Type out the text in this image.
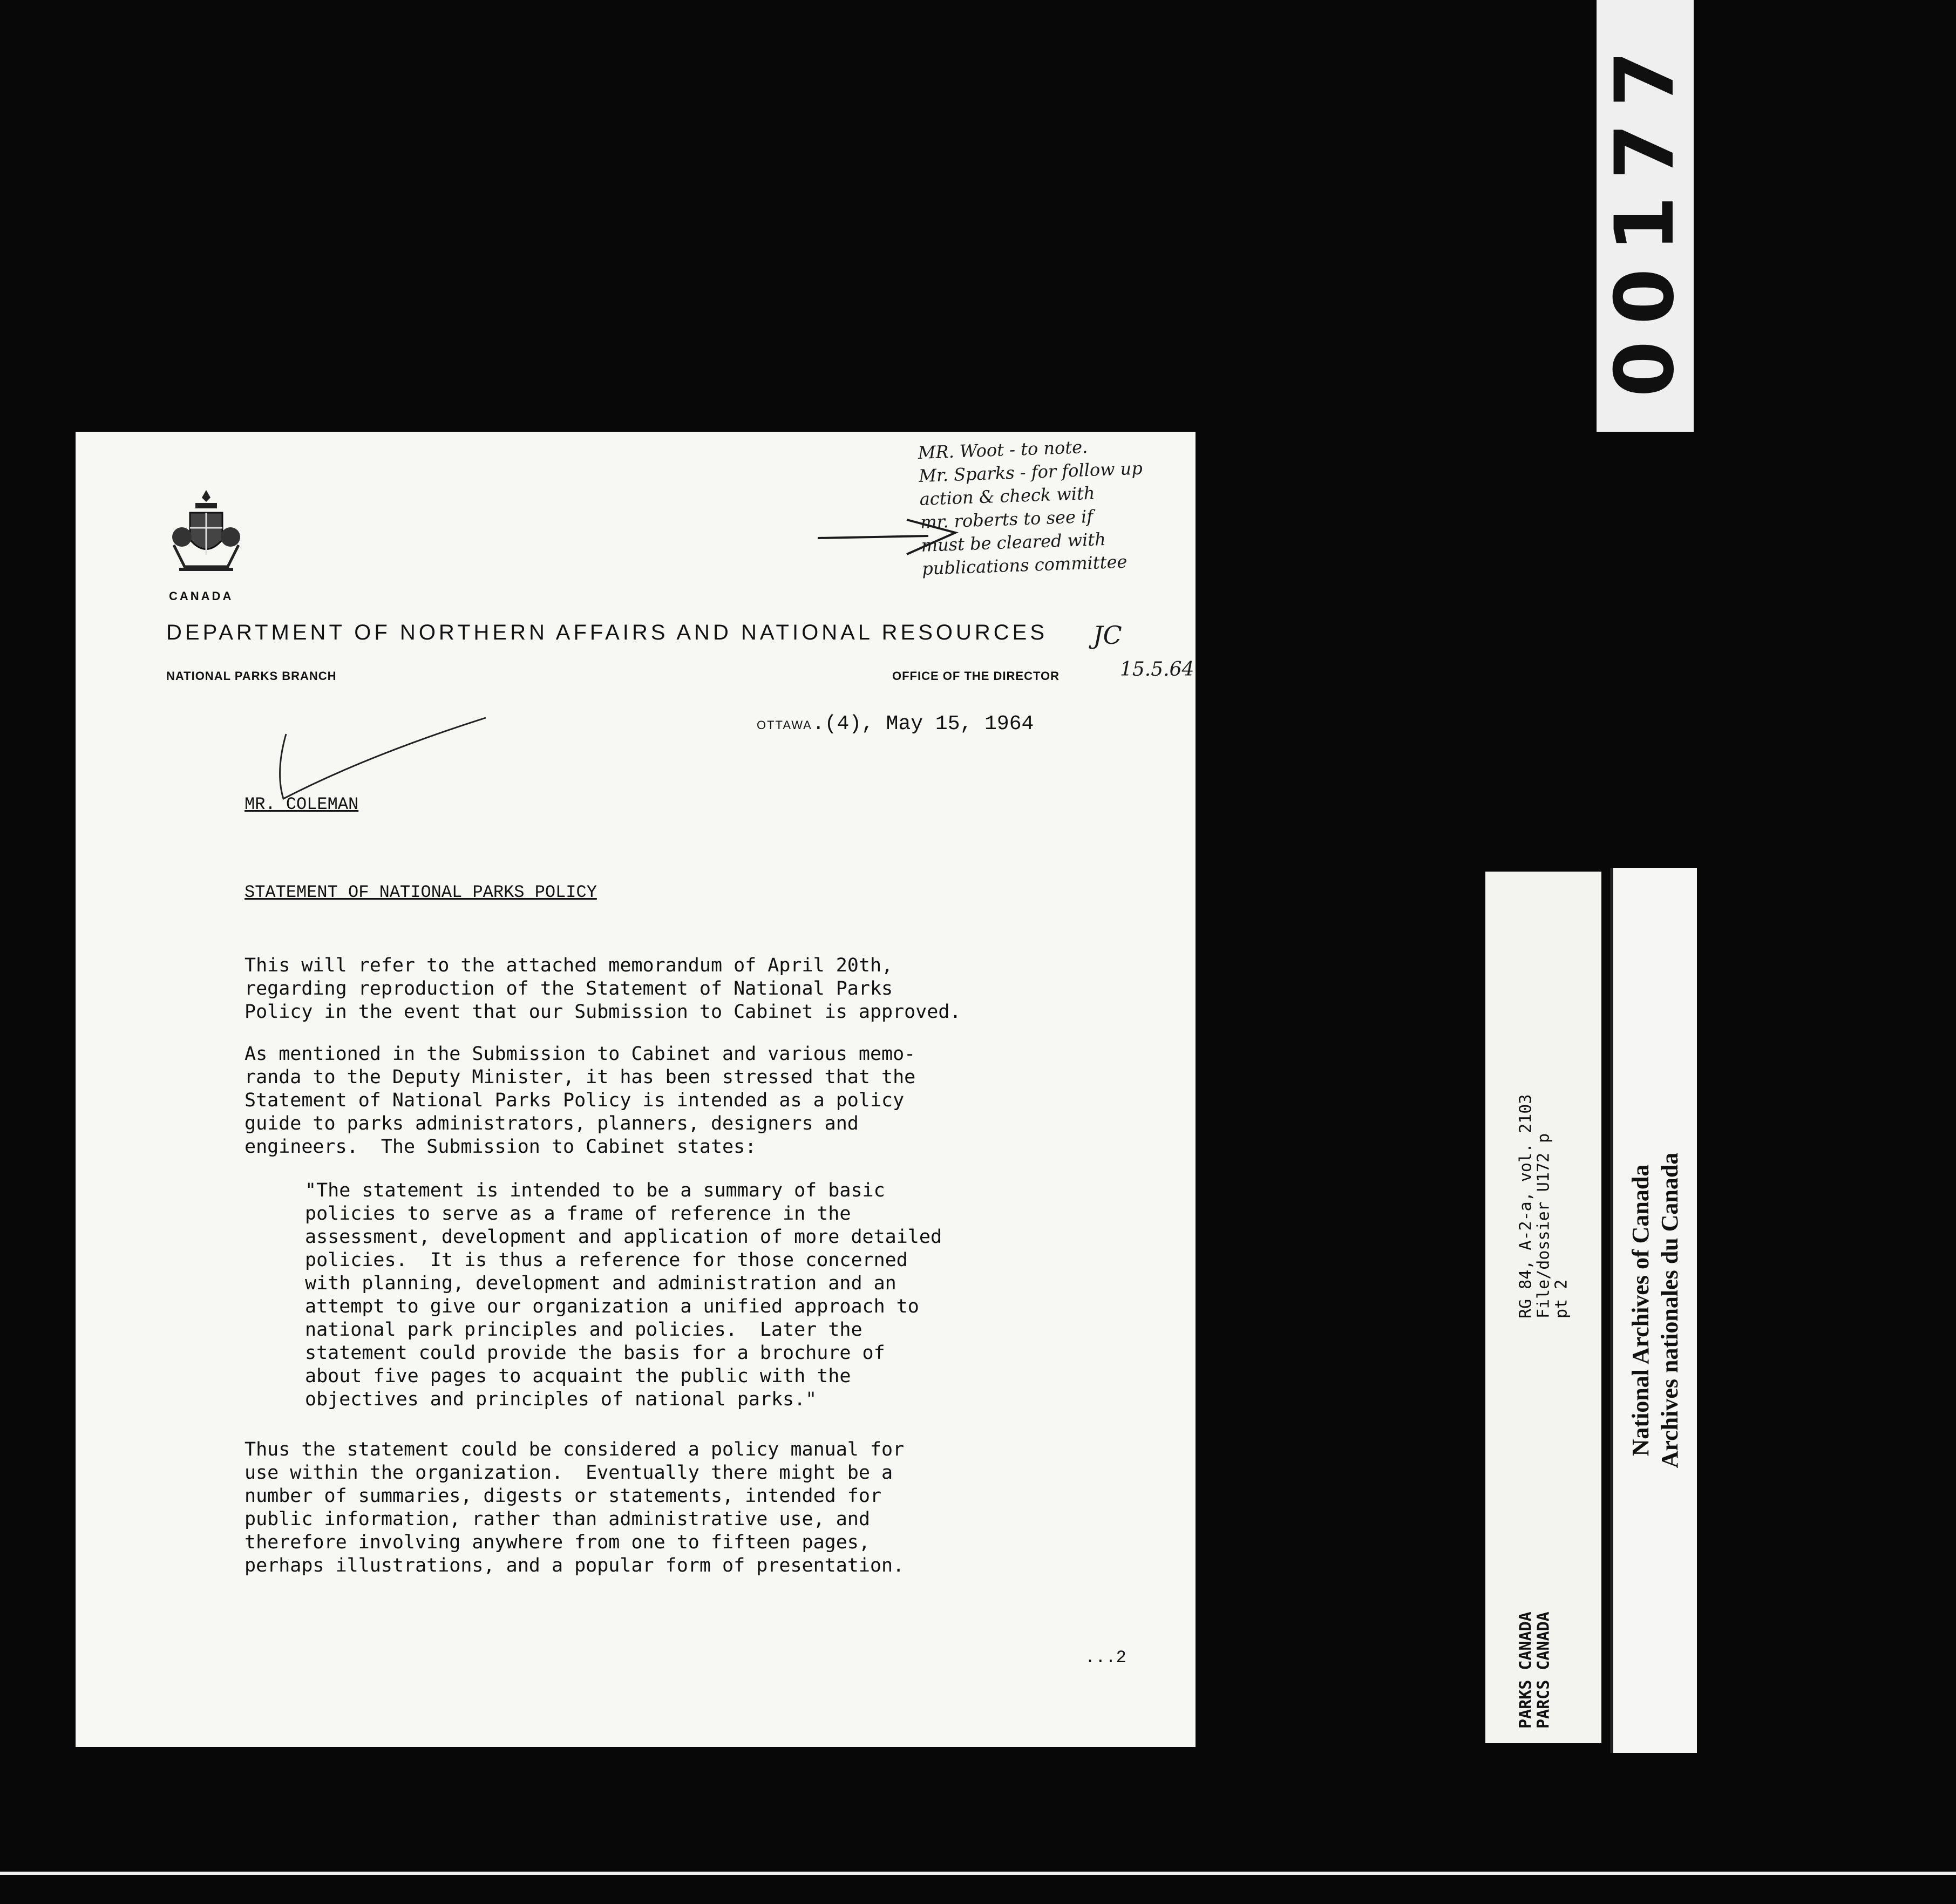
00177
CANADA
DEPARTMENT OF NORTHERN AFFAIRS AND NATIONAL RESOURCES
NATIONAL PARKS BRANCH	OFFICE OF THE DIRECTOR
MR. Woot - to note.
Mr. Sparks - for follow up
action & check with
mr. roberts to see if
must be cleared with
publications committee
JC
15.5.64
OTTAWA.(4), May 15, 1964
MR. COLEMAN
STATEMENT OF NATIONAL PARKS POLICY
This will refer to the attached memorandum of April 20th,
regarding reproduction of the Statement of National Parks
Policy in the event that our Submission to Cabinet is approved.
As mentioned in the Submission to Cabinet and various memo-
randa to the Deputy Minister, it has been stressed that the
Statement of National Parks Policy is intended as a policy
guide to parks administrators, planners, designers and
engineers.  The Submission to Cabinet states:
"The statement is intended to be a summary of basic
policies to serve as a frame of reference in the
assessment, development and application of more detailed
policies.  It is thus a reference for those concerned
with planning, development and administration and an
attempt to give our organization a unified approach to
national park principles and policies.  Later the
statement could provide the basis for a brochure of
about five pages to acquaint the public with the
objectives and principles of national parks."
Thus the statement could be considered a policy manual for
use within the organization.  Eventually there might be a
number of summaries, digests or statements, intended for
public information, rather than administrative use, and
therefore involving anywhere from one to fifteen pages,
perhaps illustrations, and a popular form of presentation.
...2	PARKS CANADA
RG 84, A-2-a, vol. 2103
PARCS CANADA
File/dossier U172 p
pt 2 National Archives of Canada Archives nationales du Canada
